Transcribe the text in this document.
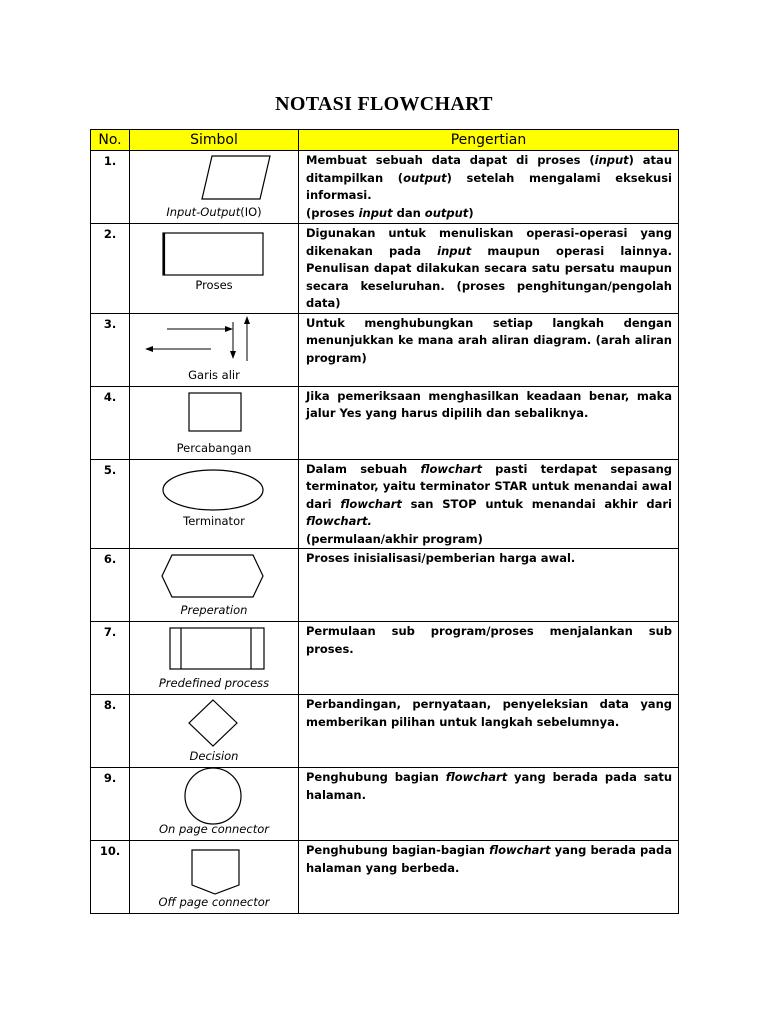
NOTASI FLOWCHART
No.	Simbol	Pengertian
1.	Input-Output(IO)	Membuat sebuah data dapat di proses (input) atau ditampilkan (output) setelah mengalami eksekusi informasi.
(proses input dan output)

2.	Proses	Digunakan untuk menuliskan operasi-operasi yang dikenakan pada input maupun operasi lainnya. Penulisan dapat dilakukan secara satu persatu maupun secara keseluruhan. (proses penghitungan/pengolah data)
3.	Garis alir	Untuk menghubungkan setiap langkah dengan menunjukkan ke mana arah aliran diagram. (arah aliran program)
4.	Percabangan	Jika pemeriksaan menghasilkan keadaan benar, maka jalur Yes yang harus dipilih dan sebaliknya.
5.	Terminator	Dalam sebuah flowchart pasti terdapat sepasang terminator, yaitu terminator STAR untuk menandai awal dari flowchart san STOP untuk menandai akhir dari flowchart.
(permulaan/akhir program)

6.	Preperation	Proses inisialisasi/pemberian harga awal.
7.	Predefined process	Permulaan sub program/proses menjalankan sub proses.
8.	Decision	Perbandingan, pernyataan, penyeleksian data yang memberikan pilihan untuk langkah sebelumnya.
9.	On page connector	Penghubung bagian flowchart yang berada pada satu halaman.
10.	Off page connector	Penghubung bagian-bagian flowchart yang berada pada halaman yang berbeda.
